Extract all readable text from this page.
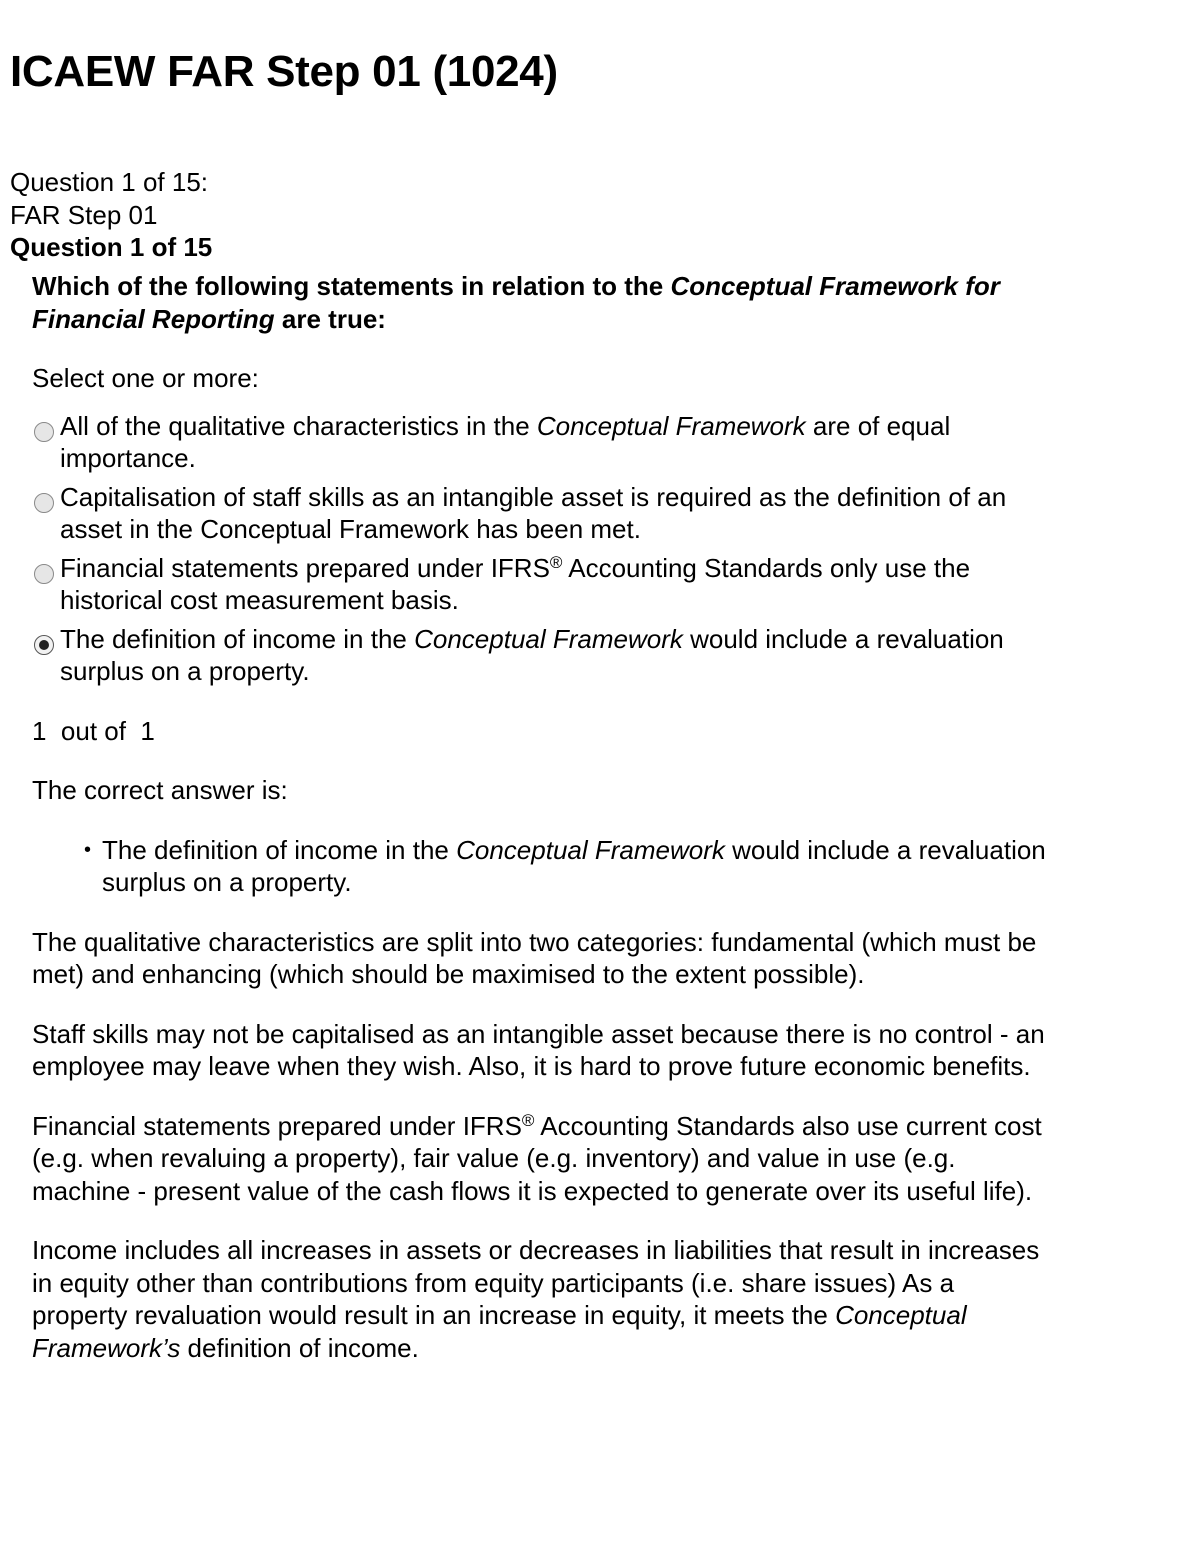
ICAEW FAR Step 01 (1024)
Question 1 of 15:
FAR Step 01
Question 1 of 15

Which of the following statements in relation to the Conceptual Framework for Financial Reporting are true:

Select one or more:
All of the qualitative characteristics in the Conceptual Framework are of equal importance.
Capitalisation of staff skills as an intangible asset is required as the definition of an asset in the Conceptual Framework has been met.
Financial statements prepared under IFRS® Accounting Standards only use the historical cost measurement basis.
The definition of income in the Conceptual Framework would include a revaluation surplus on a property.
1  out of  1
The correct answer is:
• The definition of income in the Conceptual Framework would include a revaluation surplus on a property.
The qualitative characteristics are split into two categories: fundamental (which must be met) and enhancing (which should be maximised to the extent possible).
Staff skills may not be capitalised as an intangible asset because there is no control - an employee may leave when they wish. Also, it is hard to prove future economic benefits.
Financial statements prepared under IFRS® Accounting Standards also use current cost (e.g. when revaluing a property), fair value (e.g. inventory) and value in use (e.g. machine - present value of the cash flows it is expected to generate over its useful life).
Income includes all increases in assets or decreases in liabilities that result in increases in equity other than contributions from equity participants (i.e. share issues) As a property revaluation would result in an increase in equity, it meets the Conceptual Framework’s definition of income.
